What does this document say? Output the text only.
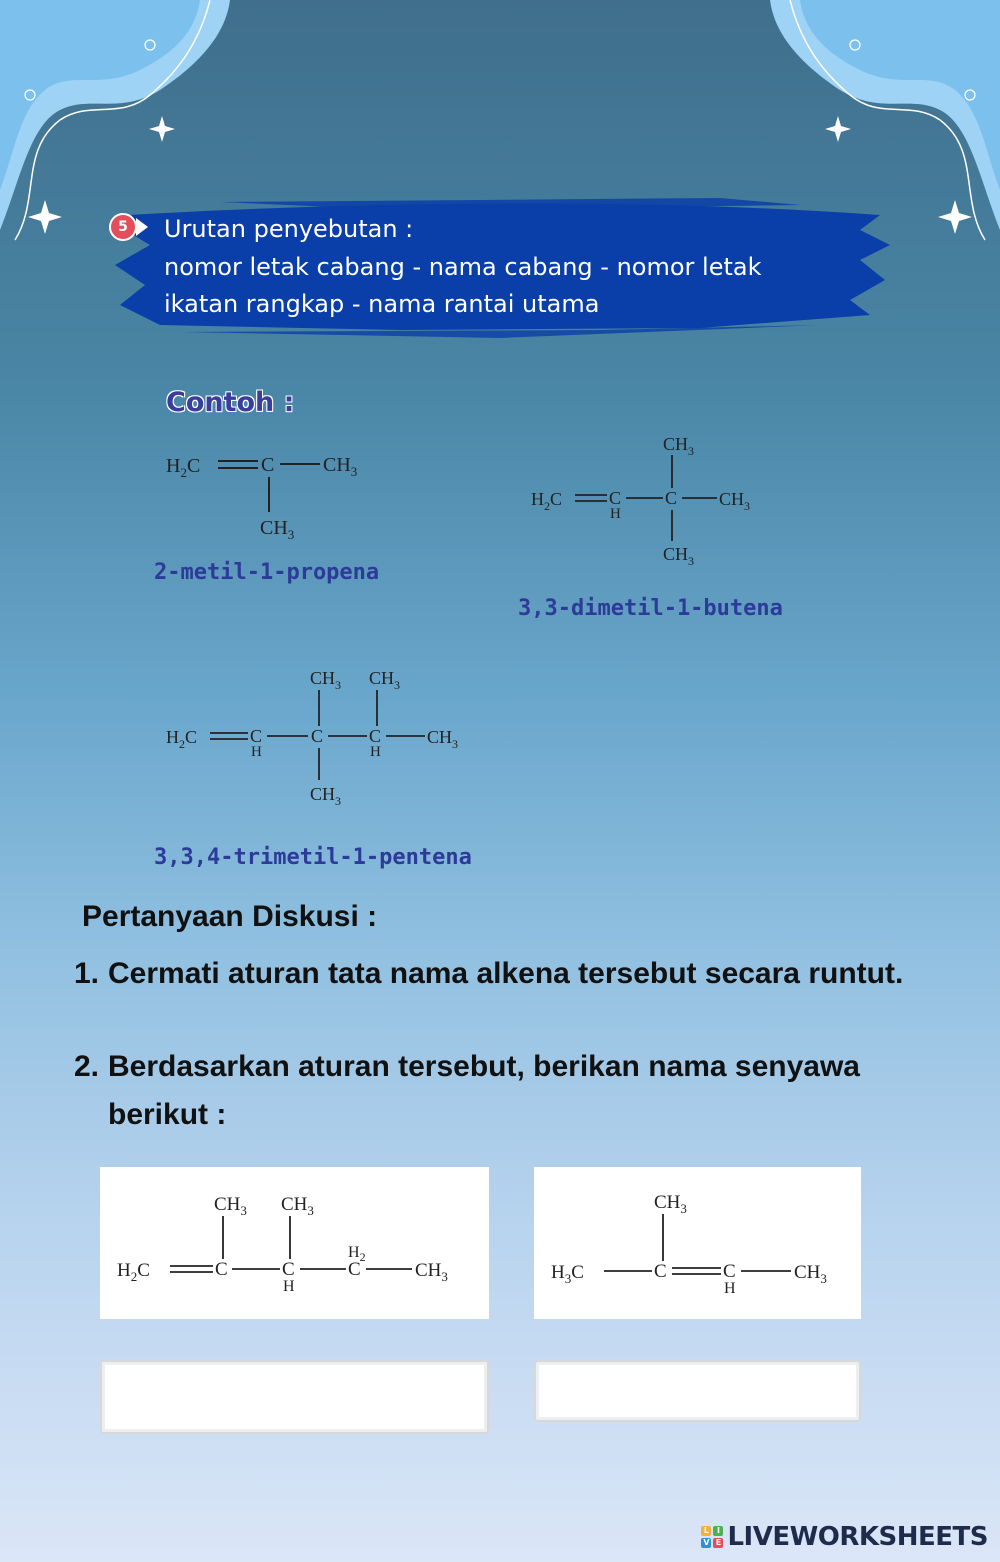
5	Urutan penyebutan :
nomor letak cabang - nama cabang - nomor letak
ikatan rangkap - nama rantai utama
Contoh :
$H_2C$	C $CH_3$
$CH_3$
2-metil-1-propena
$CH_3$
$H_2C$	C
H
C $CH_3$
$CH_3$
3,3-dimetil-1-butena
$CH_3$ $CH_3$
$H_2C$	C
H
C	C
H
$CH_3$
$CH_3$
3,3,4-trimetil-1-pentena
Pertanyaan Diskusi :
1. Cermati aturan tata nama alkena tersebut secara runtut.
2. Berdasarkan aturan tersebut, berikan nama senyawa berikut :
$CH_3$ $CH_3$
$H_2$
$H_2C$	C	C
H
C	$CH_3$
$CH_3$
$H_3C$	C	C
H
$CH_3$
L I
V E LIVEWORKSHEETS
